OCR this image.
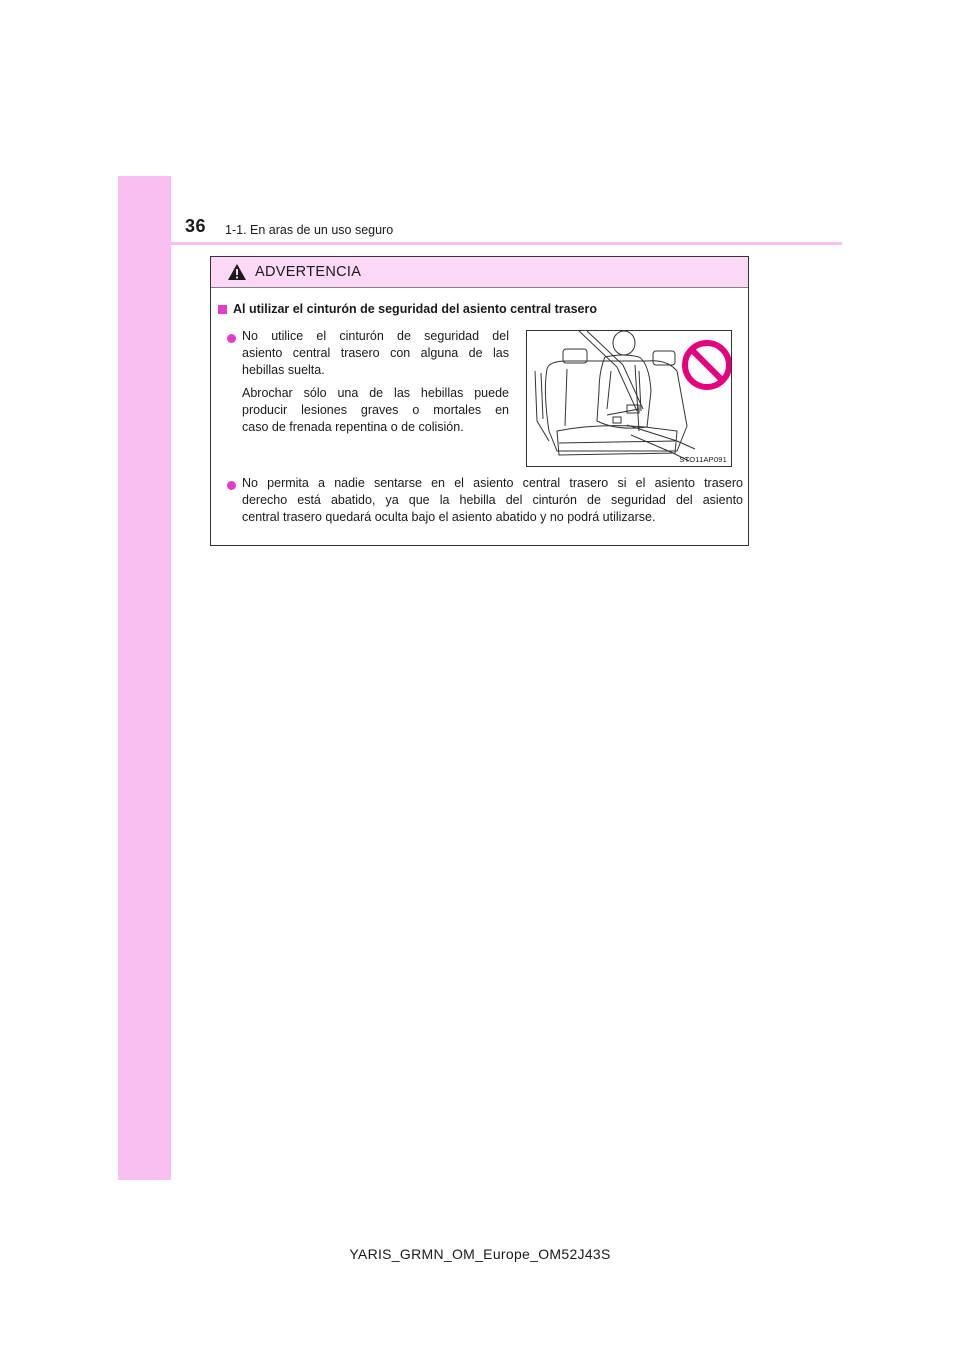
36 1-1. En aras de un uso seguro
ADVERTENCIA
Al utilizar el cinturón de seguridad del asiento central trasero
No utilice el cinturón de seguridad del
asiento central trasero con alguna de las
hebillas suelta.
Abrochar sólo una de las hebillas puede
producir lesiones graves o mortales en
caso de frenada repentina o de colisión.
STO11AP091
No permita a nadie sentarse en el asiento central trasero si el asiento trasero
derecho está abatido, ya que la hebilla del cinturón de seguridad del asiento
central trasero quedará oculta bajo el asiento abatido y no podrá utilizarse.
YARIS_GRMN_OM_Europe_OM52J43S
